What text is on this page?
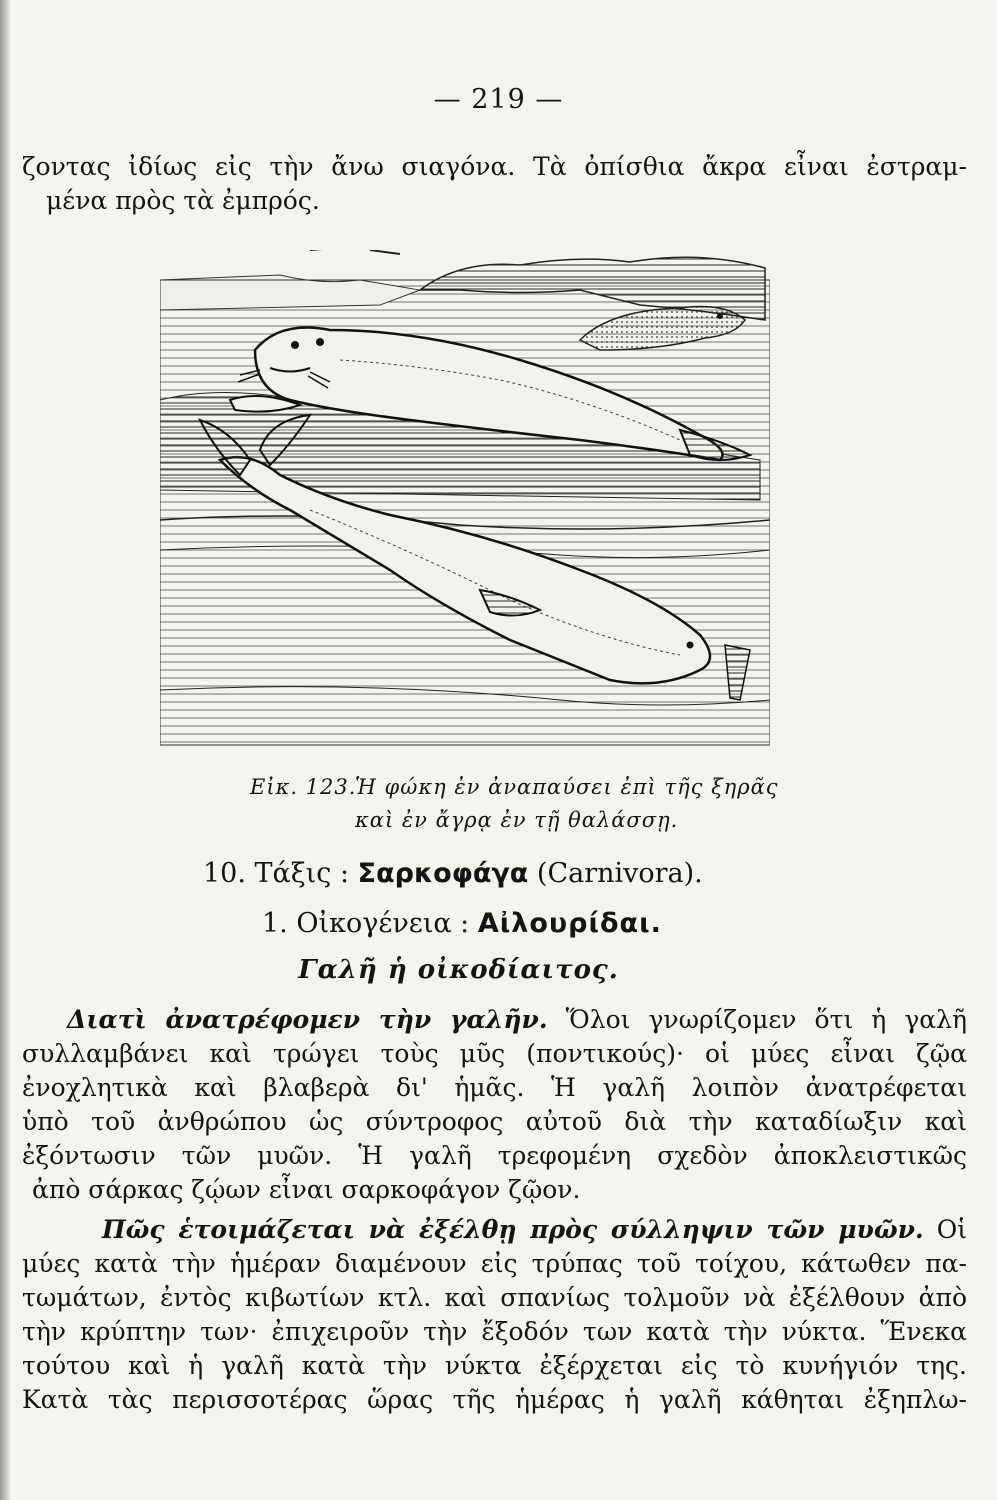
— 219 —
ζοντας ἰδίως εἰς τὴν ἄνω σιαγόνα. Τὰ ὀπίσθια ἄκρα εἶναι ἐστραμ-
μένα πρὸς τὰ ἐμπρός.
Εἰκ. 123.
Ἡ φώκη ἐν ἀναπαύσει ἐπὶ τῆς ξηρᾶς
καὶ ἐν ἄγρᾳ ἐν τῇ θαλάσσῃ.
10. Τάξις : Σαρκοφάγα (Carnivora).
1. Οἰκογένεια : Αἰλουρίδαι.
Γαλῆ ἡ οἰκοδίαιτος.
Διατὶ ἀνατρέφομεν τὴν γαλῆν. Ὅλοι γνωρίζομεν ὅτι ἡ γαλῆ
συλλαμβάνει καὶ τρώγει τοὺς μῦς (ποντικούς)· οἱ μύες εἶναι ζῷα
ἐνοχλητικὰ καὶ βλαβερὰ δι' ἡμᾶς. Ἡ γαλῆ λοιπὸν ἀνατρέφεται
ὑπὸ τοῦ ἀνθρώπου ὡς σύντροφος αὐτοῦ διὰ τὴν καταδίωξιν καὶ
ἐξόντωσιν τῶν μυῶν. Ἡ γαλῆ τρεφομένη σχεδὸν ἀποκλειστικῶς
ἀπὸ σάρκας ζῴων εἶναι σαρκοφάγον ζῷον.
Πῶς ἑτοιμάζεται νὰ ἐξέλθῃ πρὸς σύλληψιν τῶν μυῶν. Οἱ
μύες κατὰ τὴν ἡμέραν διαμένουν εἰς τρύπας τοῦ τοίχου, κάτωθεν πα-
τωμάτων, ἐντὸς κιβωτίων κτλ. καὶ σπανίως τολμοῦν νὰ ἐξέλθουν ἀπὸ
τὴν κρύπτην των· ἐπιχειροῦν τὴν ἔξοδόν των κατὰ τὴν νύκτα. Ἕνεκα
τούτου καὶ ἡ γαλῆ κατὰ τὴν νύκτα ἐξέρχεται εἰς τὸ κυνήγιόν της.
Κατὰ τὰς περισσοτέρας ὥρας τῆς ἡμέρας ἡ γαλῆ κάθηται ἐξηπλω-
